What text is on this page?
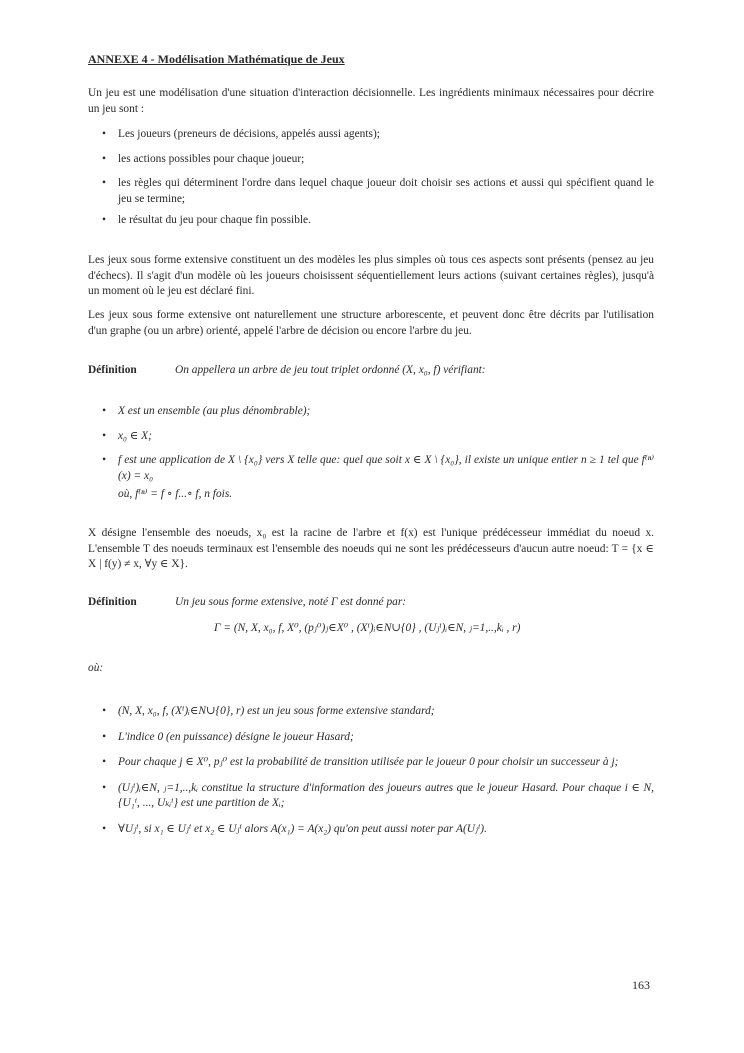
ANNEXE 4 - Modélisation Mathématique de Jeux
Un jeu est une modélisation d'une situation d'interaction décisionnelle. Les ingrédients minimaux nécessaires pour décrire un jeu sont :
• Les joueurs (preneurs de décisions, appelés aussi agents);
• les actions possibles pour chaque joueur;
• les règles qui déterminent l'ordre dans lequel chaque joueur doit choisir ses actions et aussi qui spécifient quand le jeu se termine;
• le résultat du jeu pour chaque fin possible.
Les jeux sous forme extensive constituent un des modèles les plus simples où tous ces aspects sont présents (pensez au jeu d'échecs). Il s'agit d'un modèle où les joueurs choisissent séquentiellement leurs actions (suivant certaines règles), jusqu'à un moment où le jeu est déclaré fini.
Les jeux sous forme extensive ont naturellement une structure arborescente, et peuvent donc être décrits par l'utilisation d'un graphe (ou un arbre) orienté, appelé l'arbre de décision ou encore l'arbre du jeu.
Définition	On appellera un arbre de jeu tout triplet ordonné (X, x₀, f) vérifiant:
• X est un ensemble (au plus dénombrable);
• x₀ ∈ X;
• f est une application de X \ {x₀} vers X telle que: quel que soit x ∈ X \ {x₀}, il existe un unique entier n ≥ 1 tel que f⁽ⁿ⁾(x) = x₀
où, f⁽ⁿ⁾ = f ∘ f...∘ f, n fois.
X désigne l'ensemble des noeuds, x₀ est la racine de l'arbre et f(x) est l'unique prédécesseur immédiat du noeud x. L'ensemble T des noeuds terminaux est l'ensemble des noeuds qui ne sont les prédécesseurs d'aucun autre noeud: T = {x ∈ X | f(y) ≠ x, ∀y ∈ X}.
Définition	Un jeu sous forme extensive, noté Γ est donné par:
Γ = (N, X, x₀, f, X⁰, (pⱼ⁰)ⱼ∈X⁰ , (Xⁱ)ᵢ∈N∪{0} , (Uⱼⁱ)ᵢ∈N, ⱼ=1,..,kᵢ , r)
où:
• (N, X, x₀, f, (Xⁱ)ᵢ∈N∪{0}, r) est un jeu sous forme extensive standard;
• L'indice 0 (en puissance) désigne le joueur Hasard;
• Pour chaque j ∈ X⁰, pⱼ⁰ est la probabilité de transition utilisée par le joueur 0 pour choisir un successeur à j;
• (Uⱼⁱ)ᵢ∈N, ⱼ=1,..,kᵢ constitue la structure d'information des joueurs autres que le joueur Hasard. Pour chaque i ∈ N, {U₁ⁱ, ..., Uₖᵢⁱ} est une partition de Xᵢ;
• ∀Uⱼⁱ, si x₁ ∈ Uⱼⁱ et x₂ ∈ Uⱼⁱ alors A(x₁) = A(x₂) qu'on peut aussi noter par A(Uⱼⁱ).
163
